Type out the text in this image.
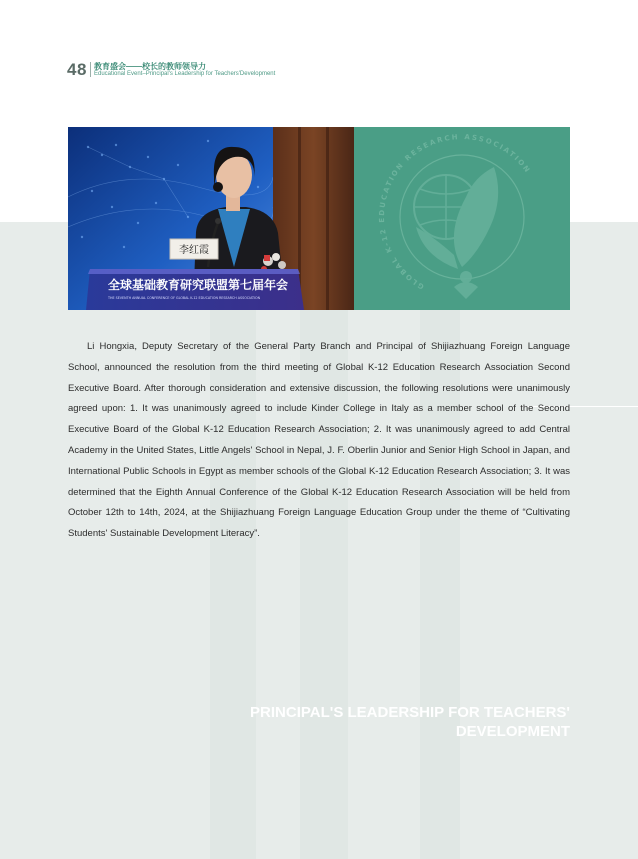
48 教育盛会——校长的教师领导力
Educational Event–Principal's Leadership for Teachers'Development
李红霞
全球基础教育研究联盟第七届年会
THE SEVENTH ANNUAL CONFERENCE OF GLOBAL K-12 EDUCATION RESEARCH ASSOCIATION
GLOBAL K-12 EDUCATION RESEARCH ASSOCIATION

Li Hongxia, Deputy Secretary of the General Party Branch and Principal of Shijiazhuang Foreign Language School, announced the resolution from the third meeting of Global K-12 Education Research Association Second Executive Board. After thorough consideration and extensive discussion, the following resolutions were unanimously agreed upon: 1. It was unanimously agreed to include Kinder College in Italy as a member school of the Second Executive Board of the Global K-12 Education Research Association; 2. It was unanimously agreed to add Central Academy in the United States, Little Angels' School in Nepal, J. F. Oberlin Junior and Senior High School in Japan, and International Public Schools in Egypt as member schools of the Global K-12 Education Research Association; 3. It was determined that the Eighth Annual Conference of the Global K-12 Education Research Association will be held from October 12th to 14th, 2024, at the Shijiazhuang Foreign Language Education Group under the theme of “Cultivating Students' Sustainable Development Literacy”.

PRINCIPAL'S LEADERSHIP FOR TEACHERS'
DEVELOPMENT
